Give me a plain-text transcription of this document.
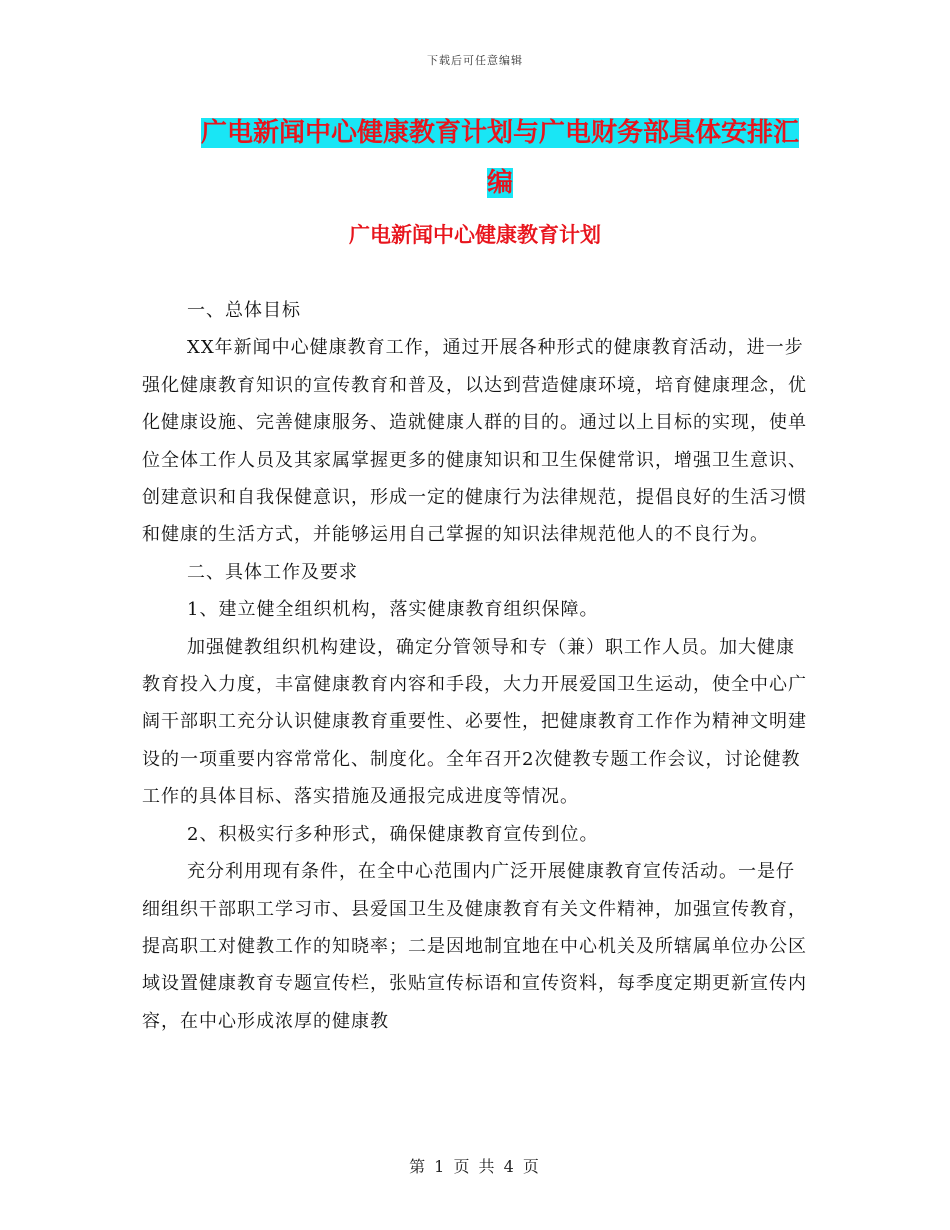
下载后可任意编辑
广电新闻中心健康教育计划与广电财务部具体安排汇编
广电新闻中心健康教育计划

一、总体目标

XX年新闻中心健康教育工作，通过开展各种形式的健康教育活动，进一步强化健康教育知识的宣传教育和普及，以达到营造健康环境，培育健康理念，优化健康设施、完善健康服务、造就健康人群的目的。通过以上目标的实现，使单位全体工作人员及其家属掌握更多的健康知识和卫生保健常识，增强卫生意识、创建意识和自我保健意识，形成一定的健康行为法律规范，提倡良好的生活习惯和健康的生活方式，并能够运用自己掌握的知识法律规范他人的不良行为。

二、具体工作及要求

1、建立健全组织机构，落实健康教育组织保障。

加强健教组织机构建设，确定分管领导和专（兼）职工作人员。加大健康教育投入力度，丰富健康教育内容和手段，大力开展爱国卫生运动，使全中心广阔干部职工充分认识健康教育重要性、必要性，把健康教育工作作为精神文明建设的一项重要内容常常化、制度化。全年召开2次健教专题工作会议，讨论健教工作的具体目标、落实措施及通报完成进度等情况。

2、积极实行多种形式，确保健康教育宣传到位。

充分利用现有条件，在全中心范围内广泛开展健康教育宣传活动。一是仔细组织干部职工学习市、县爱国卫生及健康教育有关文件精神，加强宣传教育，提高职工对健教工作的知晓率；二是因地制宜地在中心机关及所辖属单位办公区域设置健康教育专题宣传栏，张贴宣传标语和宣传资料，每季度定期更新宣传内容，在中心形成浓厚的健康教

第 1 页 共 4 页
